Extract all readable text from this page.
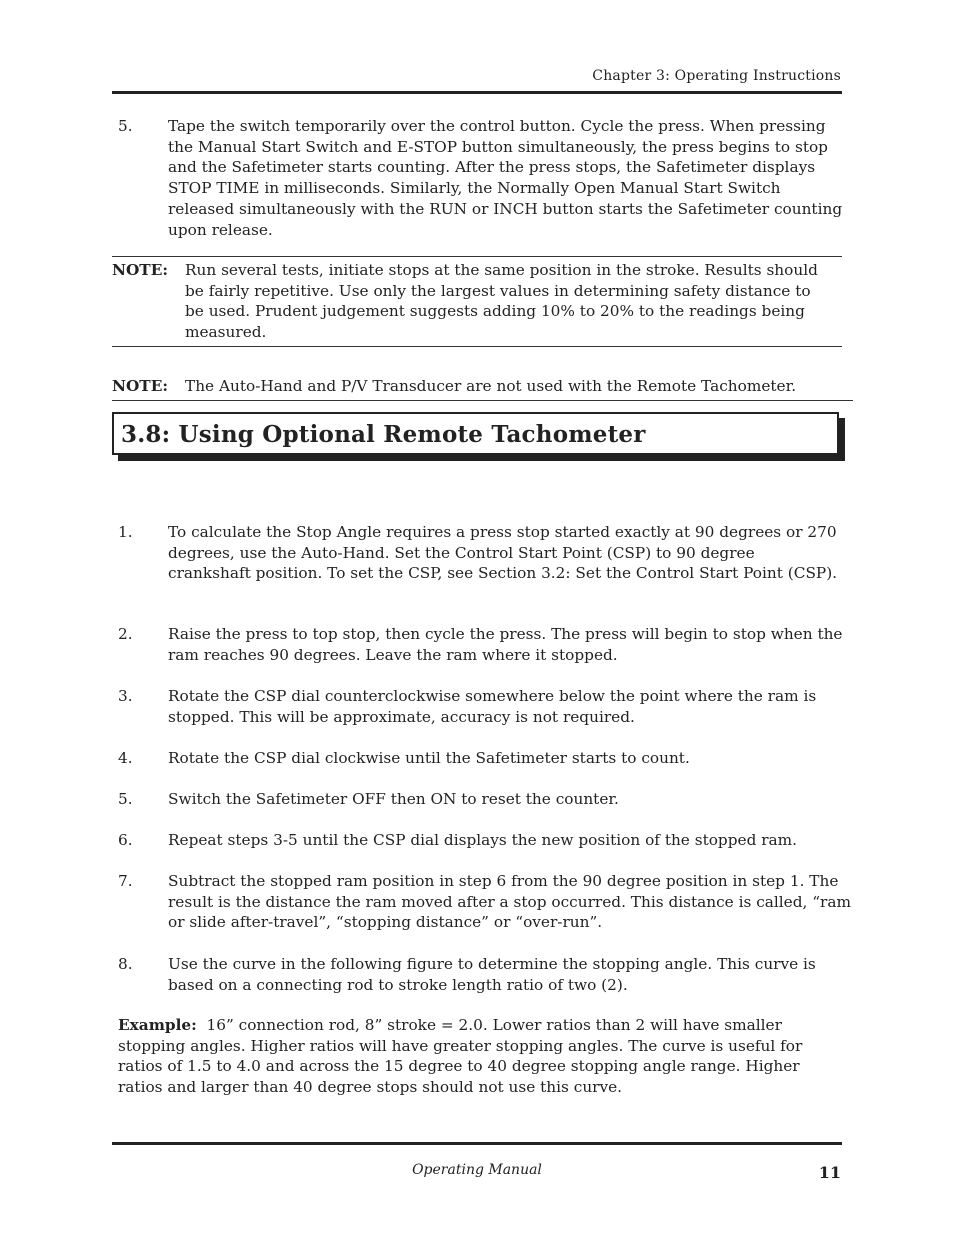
Chapter 3: Operating Instructions
5. Tape the switch temporarily over the control button. Cycle the press. When pressing the Manual Start Switch and E-STOP button simultaneously, the press begins to stop and the Safetimeter starts counting. After the press stops, the Safetimeter displays STOP TIME in milliseconds. Similarly, the Normally Open Manual Start Switch released simultaneously with the RUN or INCH button starts the Safetimeter counting upon release.
NOTE: Run several tests, initiate stops at the same position in the stroke. Results should be fairly repetitive. Use only the largest values in determining safety distance to be used. Prudent judgement suggests adding 10% to 20% to the readings being measured.
NOTE: The Auto-Hand and P/V Transducer are not used with the Remote Tachometer.
3.8: Using Optional Remote Tachometer
1. To calculate the Stop Angle requires a press stop started exactly at 90 degrees or 270 degrees, use the Auto-Hand. Set the Control Start Point (CSP) to 90 degree crankshaft position. To set the CSP, see Section 3.2: Set the Control Start Point (CSP).
2. Raise the press to top stop, then cycle the press. The press will begin to stop when the ram reaches 90 degrees. Leave the ram where it stopped.
3. Rotate the CSP dial counterclockwise somewhere below the point where the ram is stopped. This will be approximate, accuracy is not required.
4. Rotate the CSP dial clockwise until the Safetimeter starts to count.
5. Switch the Safetimeter OFF then ON to reset the counter.
6. Repeat steps 3-5 until the CSP dial displays the new position of the stopped ram.
7. Subtract the stopped ram position in step 6 from the 90 degree position in step 1. The result is the distance the ram moved after a stop occurred. This distance is called, “ram or slide after-travel”, “stopping distance” or “over-run”.
8. Use the curve in the following figure to determine the stopping angle. This curve is based on a connecting rod to stroke length ratio of two (2).
Example: 16” connection rod, 8” stroke = 2.0. Lower ratios than 2 will have smaller stopping angles. Higher ratios will have greater stopping angles. The curve is useful for ratios of 1.5 to 4.0 and across the 15 degree to 40 degree stopping angle range. Higher ratios and larger than 40 degree stops should not use this curve.
Operating Manual	11
